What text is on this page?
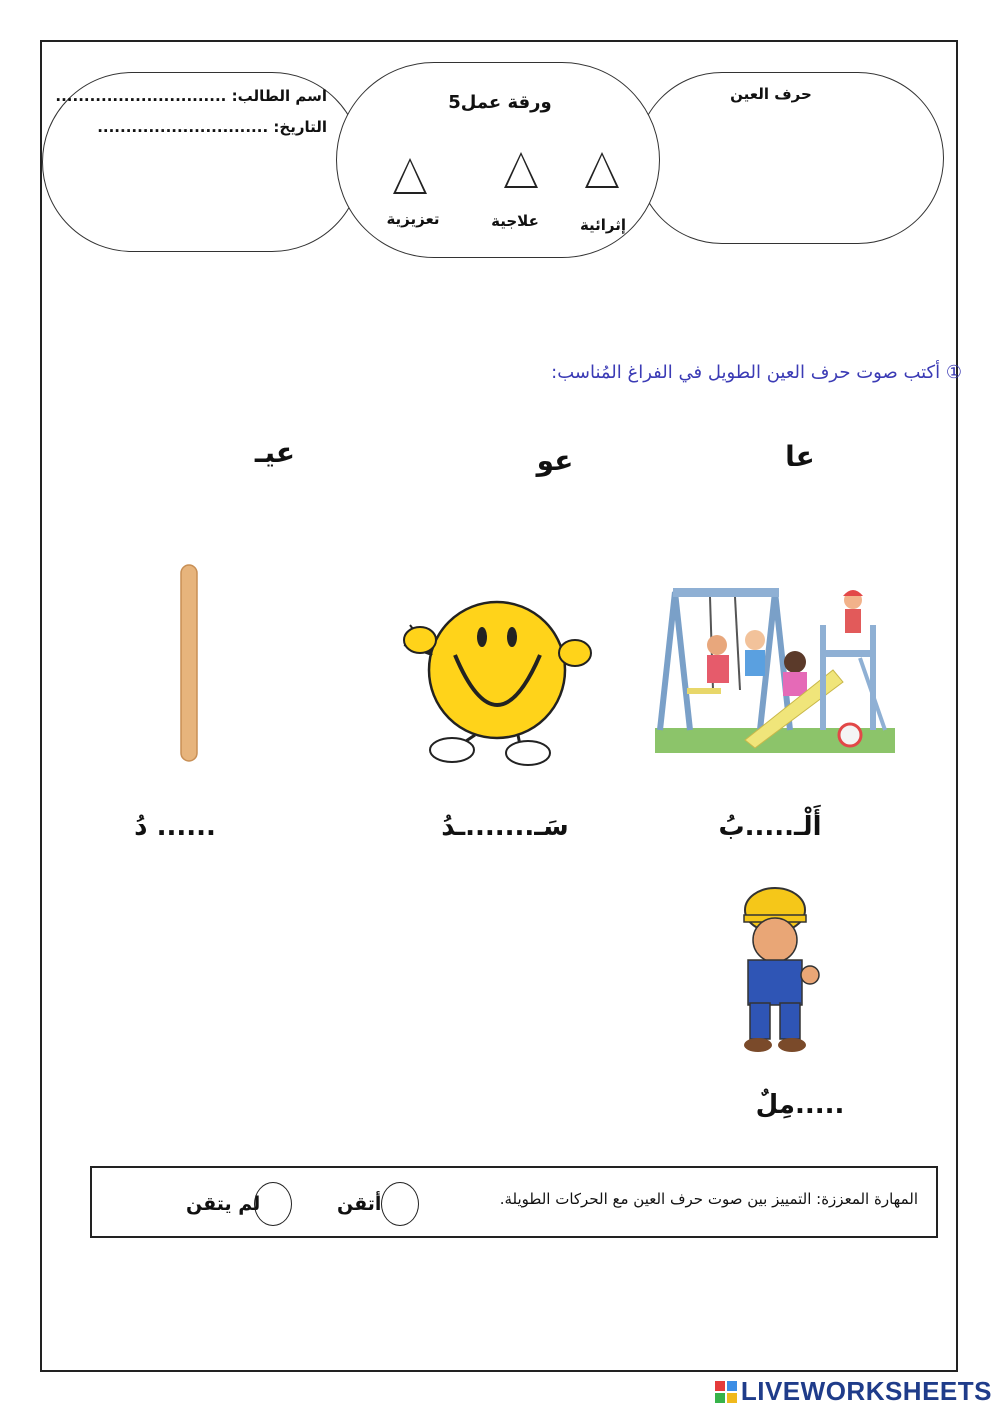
اسم الطالب: ..............................
التاريخ: ..............................
ورقة عمل5	حرف العين
إثرائية
علاجية
تعزيزية
① أكتب صوت حرف العين الطويل في الفراغ المُناسب:
عا
عو
عيـ
أَلْـ.....بُ
سَـ.......ـدُ
...... دُ
.....مِلٌ
المهارة المعززة: التمييز بين صوت حرف العين مع الحركات الطويلة.
أتقن
لم يتقن
LIVEWORKSHEETS
